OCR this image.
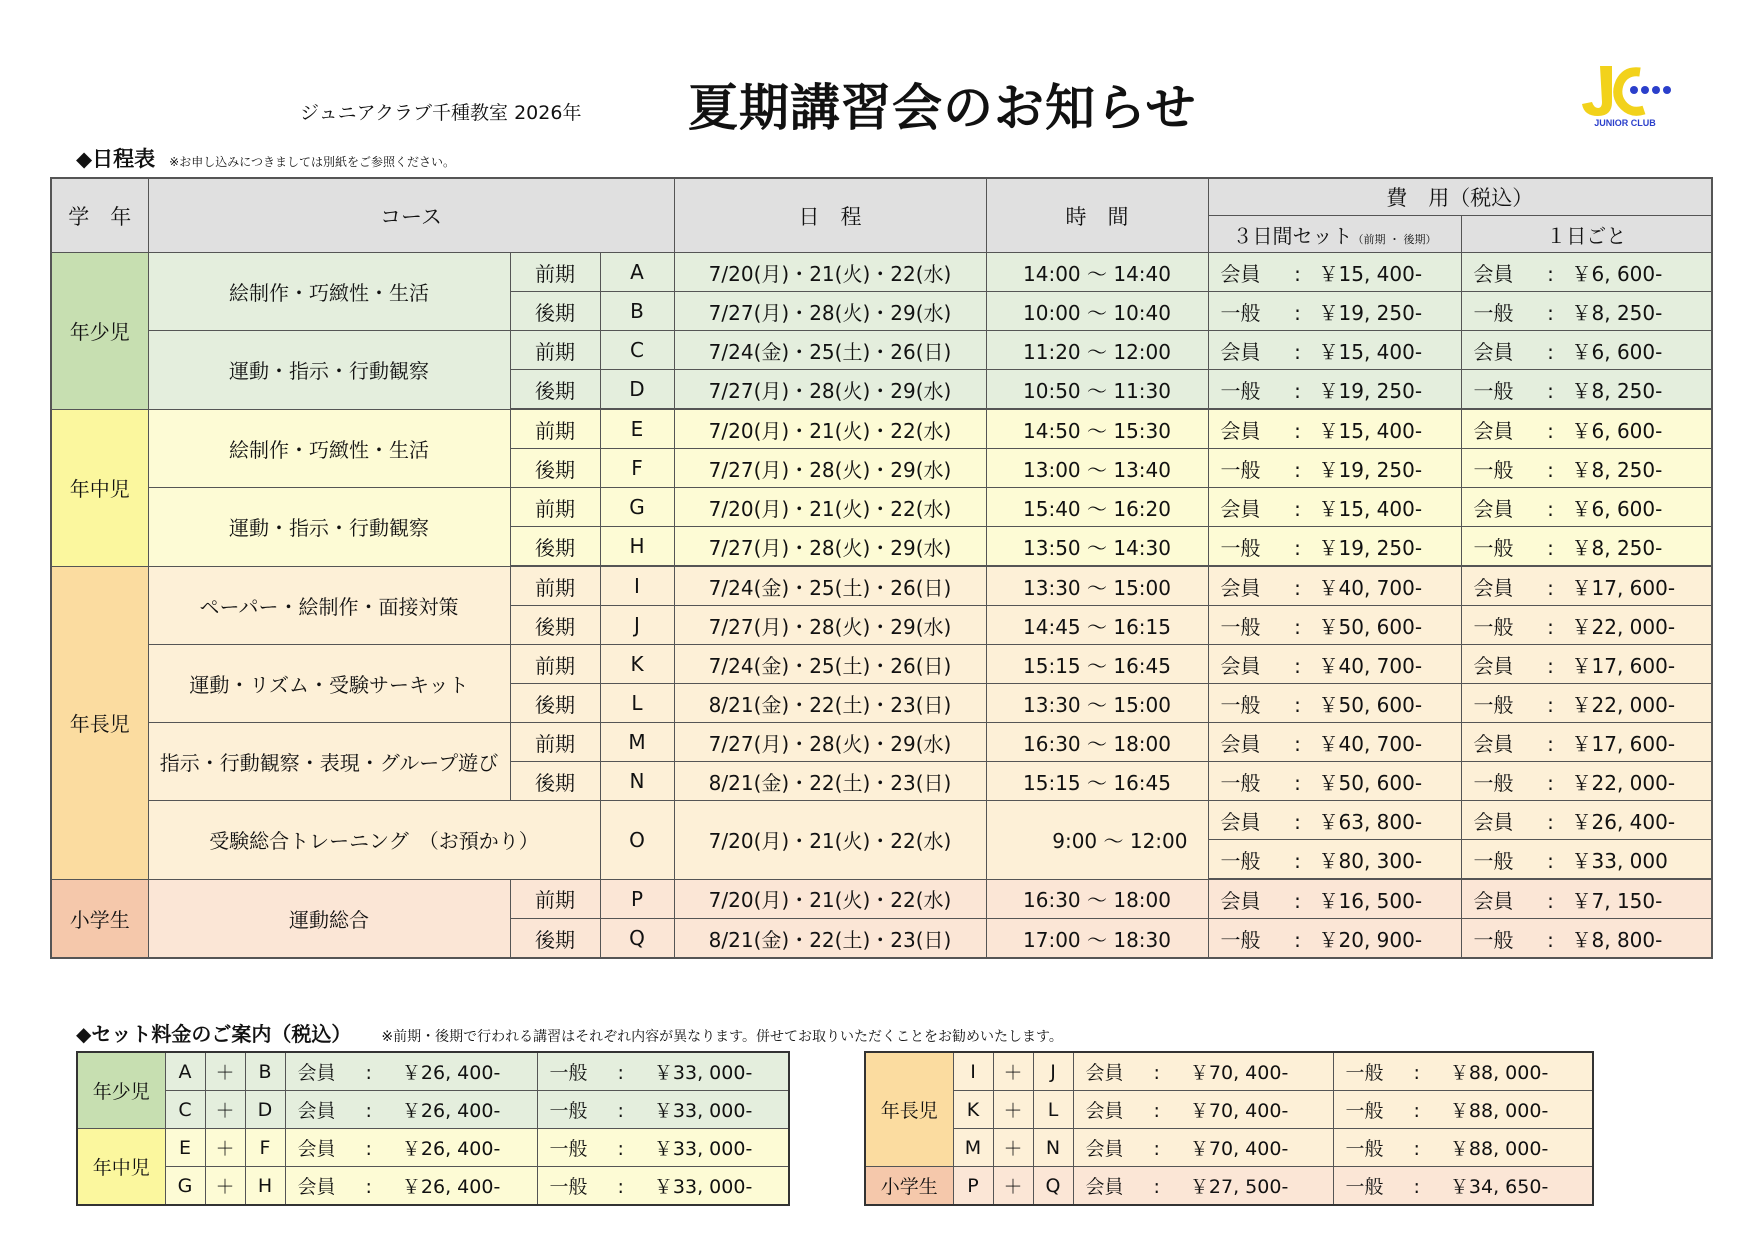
ジュニアクラブ千種教室 2026年 夏期講習会のお知らせ	JUNIOR CLUB
◆日程表 ※お申し込みにつきましては別紙をご参照ください。
学　年	コース			日　程	時　間	費　用（税込）	
						３日間セット（前期 ・ 後期）	１日ごと
年少児	絵制作・巧緻性・生活	前期	A	7/20(月)・21(火)・22(水)	14:00 ～ 14:40	会員 : ￥15, 400-	会員 : ￥6, 600-
		後期	B	7/27(月)・28(火)・29(水)	10:00 ～ 10:40	一般 : ￥19, 250-	一般 : ￥8, 250-
	運動・指示・行動観察	前期	C	7/24(金)・25(土)・26(日)	11:20 ～ 12:00	会員 : ￥15, 400-	会員 : ￥6, 600-
		後期	D	7/27(月)・28(火)・29(水)	10:50 ～ 11:30	一般 : ￥19, 250-	一般 : ￥8, 250-
年中児	絵制作・巧緻性・生活	前期	E	7/20(月)・21(火)・22(水)	14:50 ～ 15:30	会員 : ￥15, 400-	会員 : ￥6, 600-
		後期	F	7/27(月)・28(火)・29(水)	13:00 ～ 13:40	一般 : ￥19, 250-	一般 : ￥8, 250-
	運動・指示・行動観察	前期	G	7/20(月)・21(火)・22(水)	15:40 ～ 16:20	会員 : ￥15, 400-	会員 : ￥6, 600-
		後期	H	7/27(月)・28(火)・29(水)	13:50 ～ 14:30	一般 : ￥19, 250-	一般 : ￥8, 250-
年長児	ペーパー・絵制作・面接対策	前期	I	7/24(金)・25(土)・26(日)	13:30 ～ 15:00	会員 : ￥40, 700-	会員 : ￥17, 600-
		後期	J	7/27(月)・28(火)・29(水)	14:45 ～ 16:15	一般 : ￥50, 600-	一般 : ￥22, 000-
	運動・リズム・受験サーキット	前期	K	7/24(金)・25(土)・26(日)	15:15 ～ 16:45	会員 : ￥40, 700-	会員 : ￥17, 600-
		後期	L	8/21(金)・22(土)・23(日)	13:30 ～ 15:00	一般 : ￥50, 600-	一般 : ￥22, 000-
	指示・行動観察・表現・グループ遊び	前期	M	7/27(月)・28(火)・29(水)	16:30 ～ 18:00	会員 : ￥40, 700-	会員 : ￥17, 600-
		後期	N	8/21(金)・22(土)・23(日)	15:15 ～ 16:45	一般 : ￥50, 600-	一般 : ￥22, 000-
	受験総合トレーニング　（お預かり）		O	7/20(月)・21(火)・22(水)	9:00 ～ 12:00	会員 : ￥63, 800-	会員 : ￥26, 400-
						一般 : ￥80, 300-	一般 : ￥33, 000
小学生	運動総合	前期	P	7/20(月)・21(火)・22(水)	16:30 ～ 18:00	会員 : ￥16, 500-	会員 : ￥7, 150-
		後期	Q	8/21(金)・22(土)・23(日)	17:00 ～ 18:30	一般 : ￥20, 900-	一般 : ￥8, 800-
◆セット料金のご案内（税込） ※前期・後期で行われる講習はそれぞれ内容が異なります。併せてお取りいただくことをお勧めいたします。
年少児	A	＋	B	会員 : ￥26, 400-	一般 : ￥33, 000-
	C	＋	D	会員 : ￥26, 400-	一般 : ￥33, 000-
年中児	E	＋	F	会員 : ￥26, 400-	一般 : ￥33, 000-
	G	＋	H	会員 : ￥26, 400-	一般 : ￥33, 000-
年長児	I	＋	J	会員 : ￥70, 400-	一般 : ￥88, 000-
	K	＋	L	会員 : ￥70, 400-	一般 : ￥88, 000-
	M	＋	N	会員 : ￥70, 400-	一般 : ￥88, 000-
小学生	P	＋	Q	会員 : ￥27, 500-	一般 : ￥34, 650-
